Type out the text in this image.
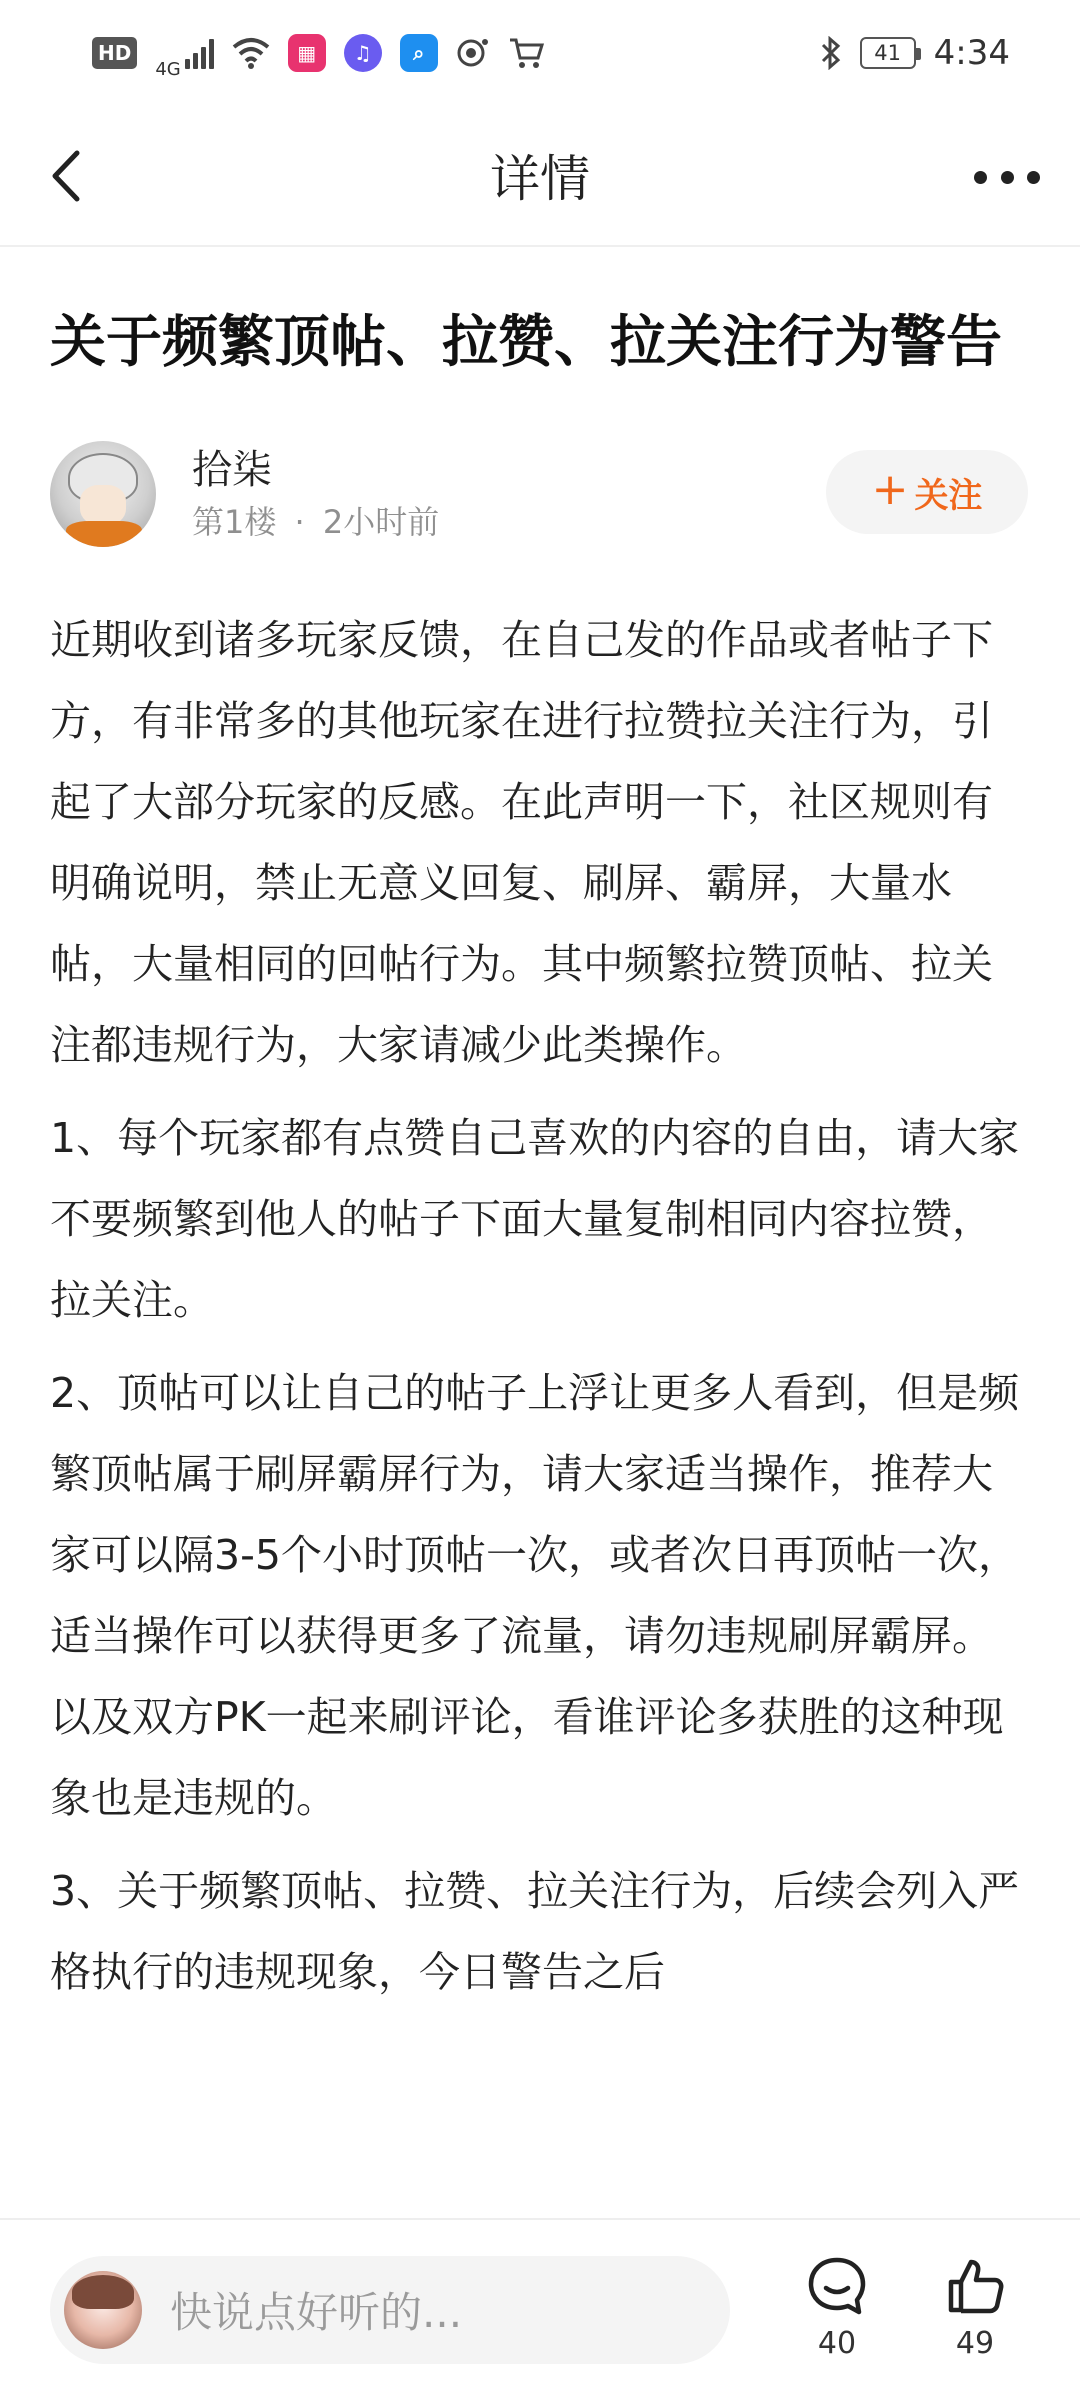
HD
4G
▦	♫	⌕	41 4:34
详情
关于频繁顶帖、拉赞、拉关注行为警告
拾柒
第1楼 · 2小时前
+ 关注

近期收到诸多玩家反馈，在自己发的作品或者帖子下方，有非常多的其他玩家在进行拉赞拉关注行为，引起了大部分玩家的反感。在此声明一下，社区规则有明确说明，禁止无意义回复、刷屏、霸屏，大量水帖，大量相同的回帖行为。其中频繁拉赞顶帖、拉关注都违规行为，大家请减少此类操作。

1、每个玩家都有点赞自己喜欢的内容的自由，请大家不要频繁到他人的帖子下面大量复制相同内容拉赞，拉关注。

2、顶帖可以让自己的帖子上浮让更多人看到，但是频繁顶帖属于刷屏霸屏行为，请大家适当操作，推荐大家可以隔3-5个小时顶帖一次，或者次日再顶帖一次，适当操作可以获得更多了流量，请勿违规刷屏霸屏。以及双方PK一起来刷评论，看谁评论多获胜的这种现象也是违规的。

3、关于频繁顶帖、拉赞、拉关注行为，后续会列入严格执行的违规现象，今日警告之后

快说点好听的...
40	49
